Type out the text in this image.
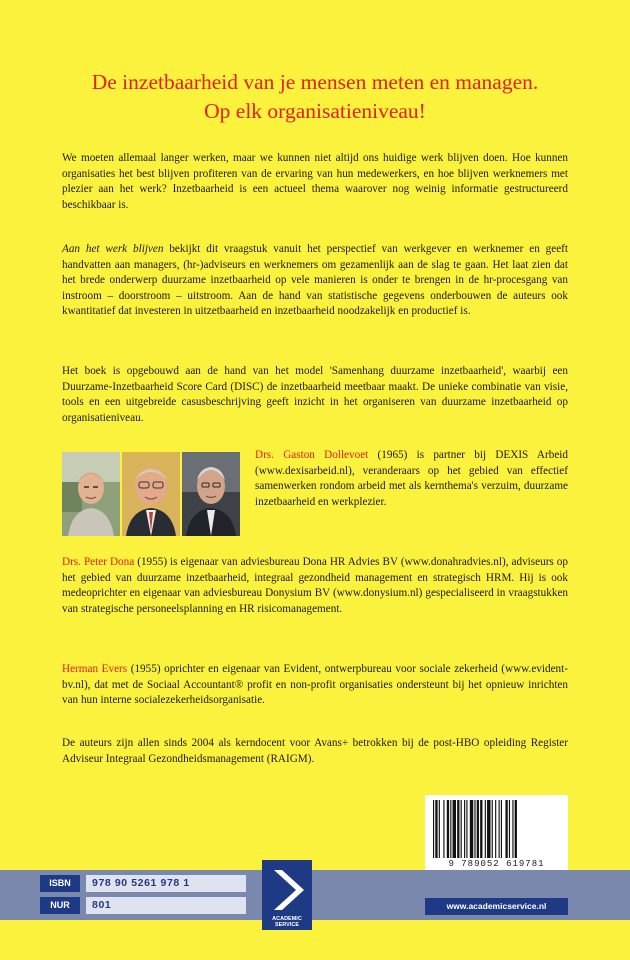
De inzetbaarheid van je mensen meten en managen.
Op elk organisatieniveau!

We moeten allemaal langer werken, maar we kunnen niet altijd ons huidige werk blijven doen. Hoe kunnen organisaties het best blijven profiteren van de ervaring van hun medewerkers, en hoe blijven werknemers met plezier aan het werk? Inzetbaarheid is een actueel thema waarover nog weinig informatie gestructureerd beschikbaar is.

Aan het werk blijven bekijkt dit vraagstuk vanuit het perspectief van werkgever en werknemer en geeft handvatten aan managers, (hr-)adviseurs en werknemers om gezamenlijk aan de slag te gaan. Het laat zien dat het brede onderwerp duurzame inzetbaarheid op vele manieren is onder te brengen in de hr-procesgang van instroom – doorstroom – uitstroom. Aan de hand van statistische gegevens onderbouwen de auteurs ook kwantitatief dat investeren in uitzetbaarheid en inzetbaarheid noodzakelijk en productief is.

Het boek is opgebouwd aan de hand van het model 'Samenhang duurzame inzetbaarheid', waarbij een Duurzame-Inzetbaarheid Score Card (DISC) de inzetbaarheid meetbaar maakt. De unieke combinatie van visie, tools en een uitgebreide casusbeschrijving geeft inzicht in het organiseren van duurzame inzetbaarheid op organisatieniveau.

Drs. Gaston Dollevoet (1965) is partner bij DEXIS Arbeid (www.dexisarbeid.nl), veranderaars op het gebied van effectief samenwerken rondom arbeid met als kernthema's verzuim, duurzame inzetbaarheid en werkplezier.

Drs. Peter Dona (1955) is eigenaar van adviesbureau Dona HR Advies BV (www.donahradvies.nl), adviseurs op het gebied van duurzame inzetbaarheid, integraal gezondheid management en strategisch HRM. Hij is ook medeoprichter en eigenaar van adviesbureau Donysium BV (www.donysium.nl) gespecialiseerd in vraagstukken van strategische personeelsplanning en HR risicomanagement.

Herman Evers (1955) oprichter en eigenaar van Evident, ontwerpbureau voor sociale zekerheid (www.evident-bv.nl), dat met de Sociaal Accountant® profit en non-profit organisaties ondersteunt bij het opnieuw inrichten van hun interne socialezekerheidsorganisatie.

De auteurs zijn allen sinds 2004 als kerndocent voor Avans+ betrokken bij de post-HBO opleiding Register Adviseur Integraal Gezondheidsmanagement (RAIGM).

9 789052 619781
ISBN	978 90 5261 978 1
NUR	801
ACADEMIC
SERVICE
www.academicservice.nl
